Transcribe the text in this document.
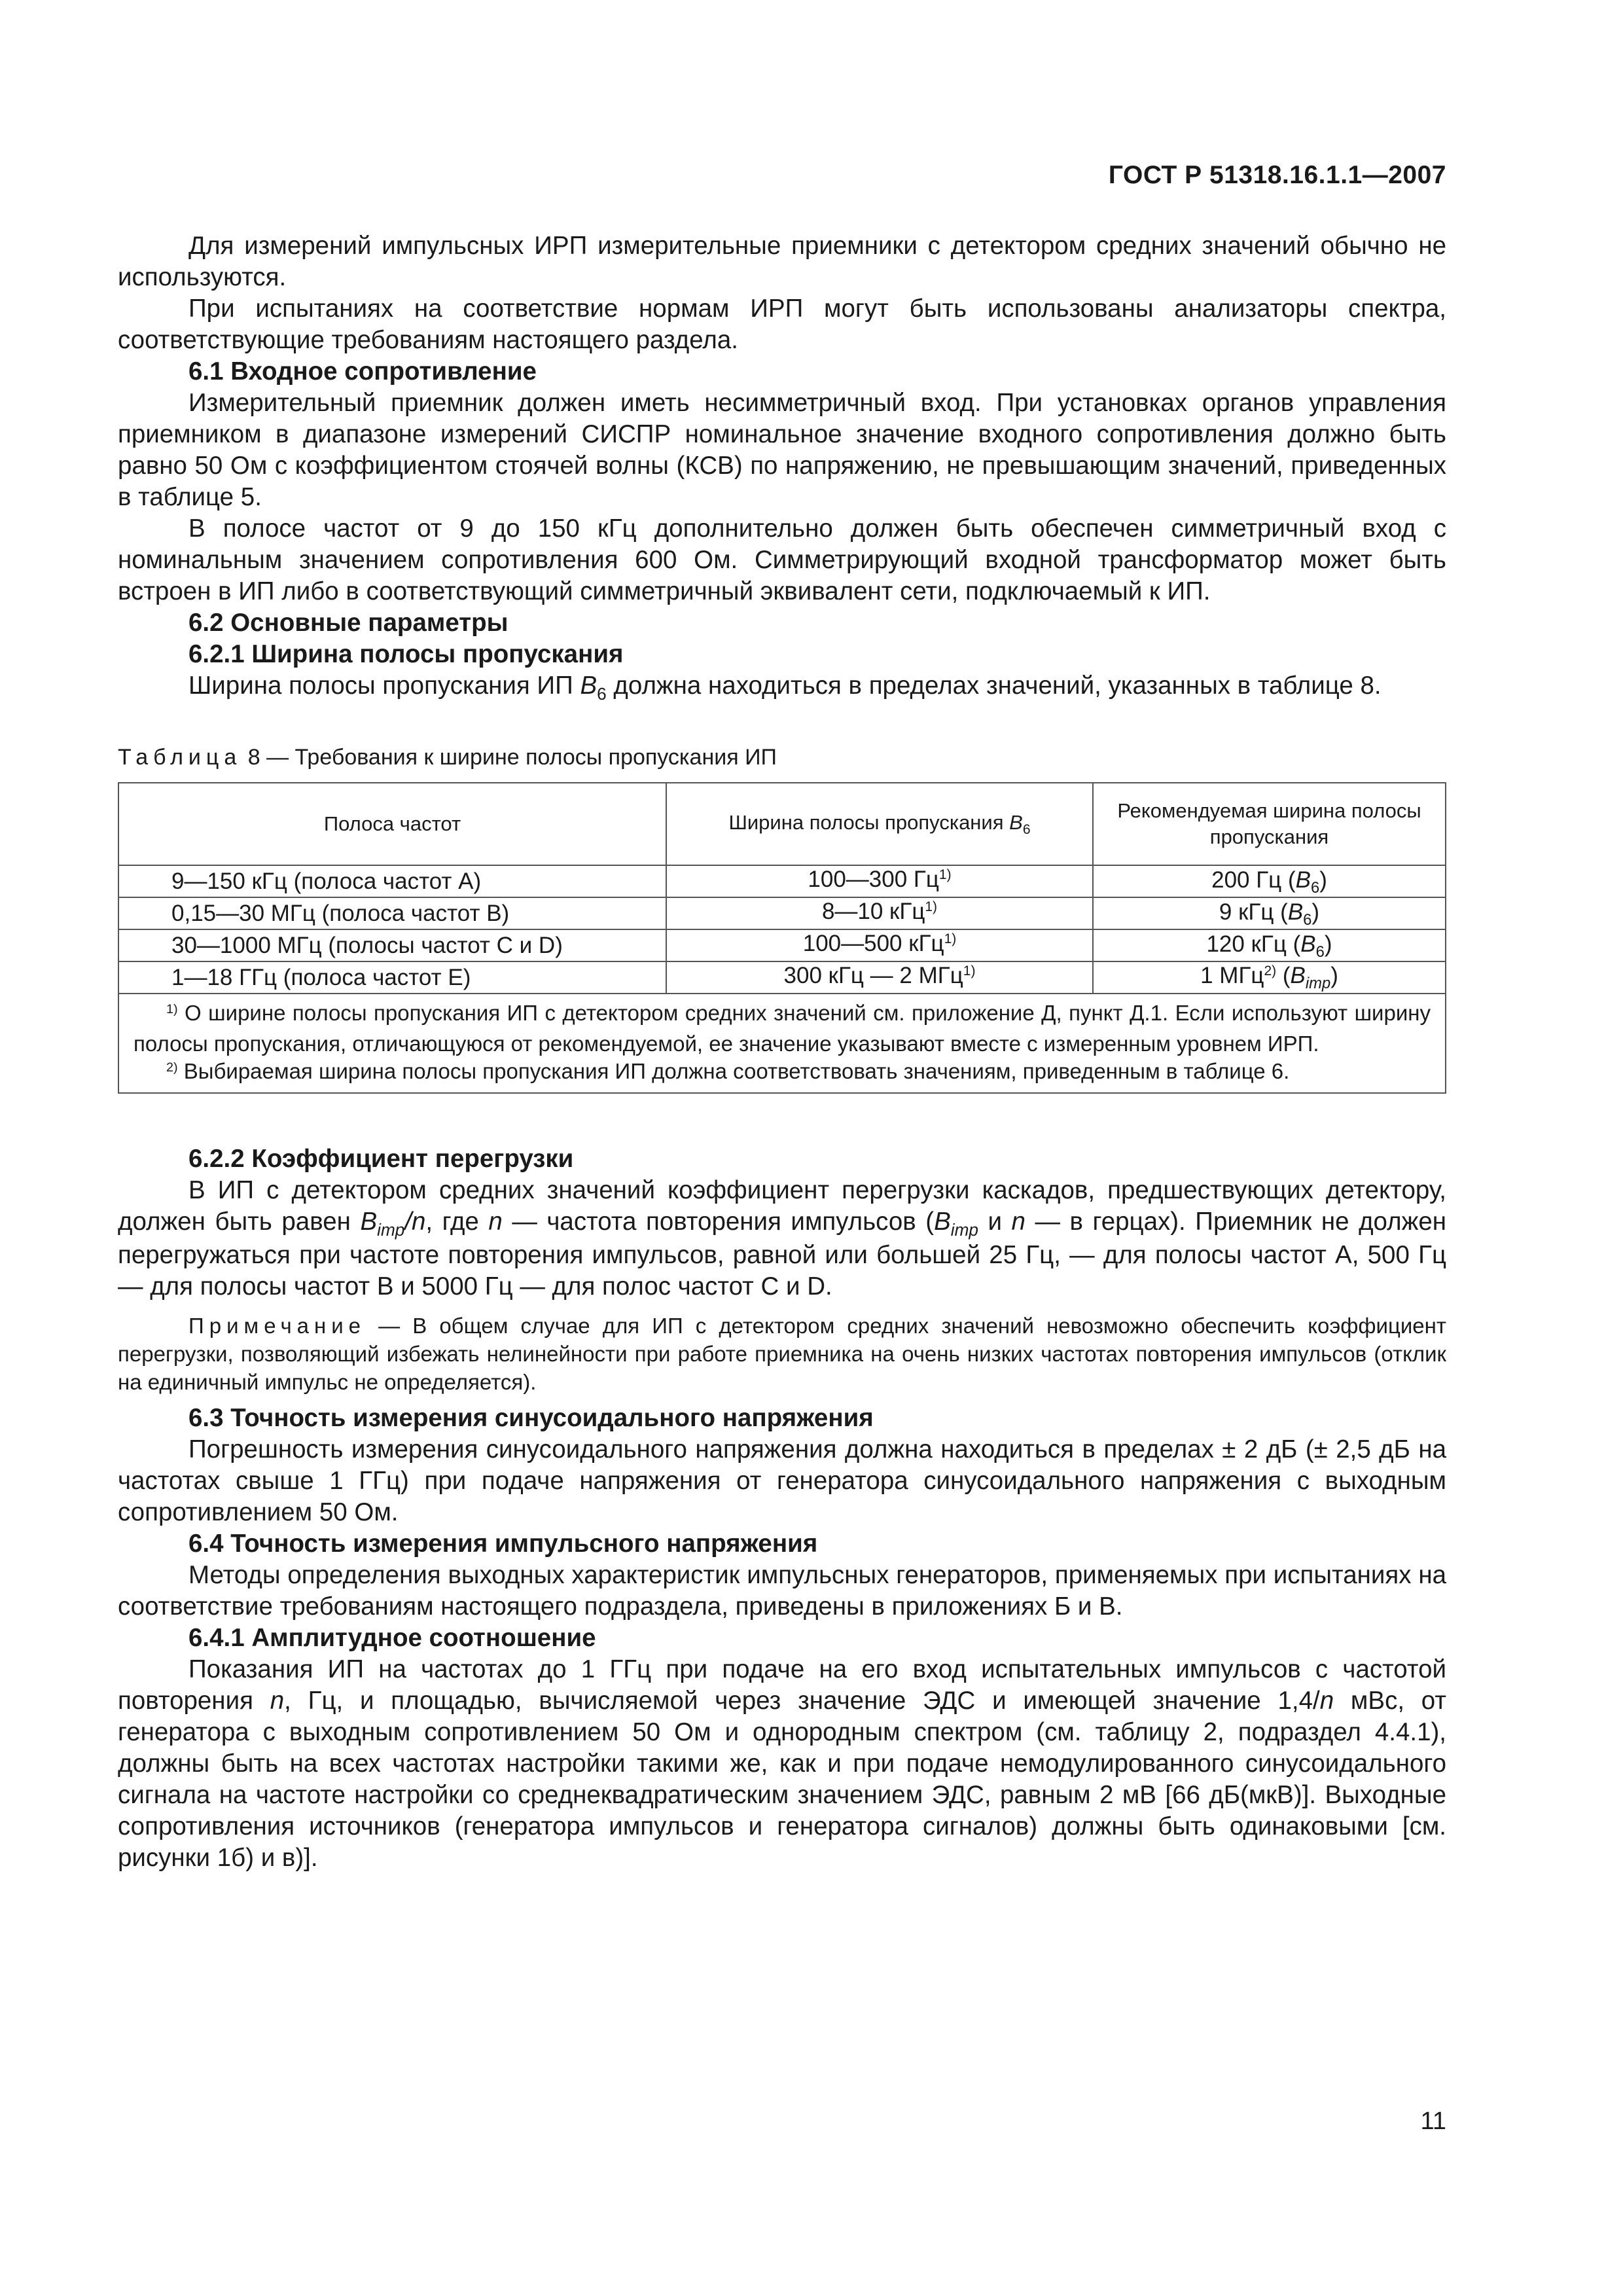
ГОСТ Р 51318.16.1.1—2007

Для измерений импульсных ИРП измерительные приемники с детектором средних значений обычно не используются.

При испытаниях на соответствие нормам ИРП могут быть использованы анализаторы спектра, соответствующие требованиям настоящего раздела.

6.1 Входное сопротивление

Измерительный приемник должен иметь несимметричный вход. При установках органов управления приемником в диапазоне измерений СИСПР номинальное значение входного сопротивления должно быть равно 50 Ом с коэффициентом стоячей волны (КСВ) по напряжению, не превышающим значений, приведенных в таблице 5.

В полосе частот от 9 до 150 кГц дополнительно должен быть обеспечен симметричный вход с номинальным значением сопротивления 600 Ом. Симметрирующий входной трансформатор может быть встроен в ИП либо в соответствующий симметричный эквивалент сети, подключаемый к ИП.

6.2 Основные параметры
6.2.1 Ширина полосы пропускания

Ширина полосы пропускания ИП $B_6$ должна находиться в пределах значений, указанных в таблице 8.

Таблица 8 — Требования к ширине полосы пропускания ИП
Полоса частот	Ширина полосы пропускания $B_6$	Рекомендуемая ширина полосы пропускания
9—150 кГц (полоса частот А)	100—300 $Гц^{1)}$	200 Гц $(B_6)$
0,15—30 МГц (полоса частот В)	8—10 кГц$^{1)}$	9 кГц $(B_6)$
30—1000 МГц (полосы частот С и D)	100—500 кГц$^{1)}$	120 кГц $(B_6)$
1—18 ГГц (полоса частот Е)	300 кГц — 2 МГц$^{1)}$	1 МГц$^{2)}$ $(B_{imp})$

$^{1)}$ О ширине полосы пропускания ИП с детектором средних значений см. приложение Д, пункт Д.1. Если используют ширину полосы пропускания, отличающуюся от рекомендуемой, ее значение указывают вместе с измеренным уровнем ИРП.
$^{2)}$ Выбираемая ширина полосы пропускания ИП должна соответствовать значениям, приведенным в таблице 6.		
6.2.2 Коэффициент перегрузки

В ИП с детектором средних значений коэффициент перегрузки каскадов, предшествующих детектору, должен быть равен $B_{imp}/n$, где n — частота повторения импульсов ($B_{imp}$ и n — в герцах). Приемник не должен перегружаться при частоте повторения импульсов, равной или большей 25 Гц, — для полосы частот А, 500 Гц — для полосы частот В и 5000 Гц — для полос частот С и D.

Примечание — В общем случае для ИП с детектором средних значений невозможно обеспечить коэффициент перегрузки, позволяющий избежать нелинейности при работе приемника на очень низких частотах повторения импульсов (отклик на единичный импульс не определяется).
6.3 Точность измерения синусоидального напряжения

Погрешность измерения синусоидального напряжения должна находиться в пределах ± 2 дБ (± 2,5 дБ на частотах свыше 1 ГГц) при подаче напряжения от генератора синусоидального напряжения с выходным сопротивлением 50 Ом.

6.4 Точность измерения импульсного напряжения

Методы определения выходных характеристик импульсных генераторов, применяемых при испытаниях на соответствие требованиям настоящего подраздела, приведены в приложениях Б и В.

6.4.1 Амплитудное соотношение

Показания ИП на частотах до 1 ГГц при подаче на его вход испытательных импульсов с частотой повторения n, Гц, и площадью, вычисляемой через значение ЭДС и имеющей значение 1,4/n мВс, от генератора с выходным сопротивлением 50 Ом и однородным спектром (см. таблицу 2, подраздел 4.4.1), должны быть на всех частотах настройки такими же, как и при подаче немодулированного синусоидального сигнала на частоте настройки со среднеквадратическим значением ЭДС, равным 2 мВ [66 дБ(мкВ)]. Выходные сопротивления источников (генератора импульсов и генератора сигналов) должны быть одинаковыми [см. рисунки 1б) и в)].

11
